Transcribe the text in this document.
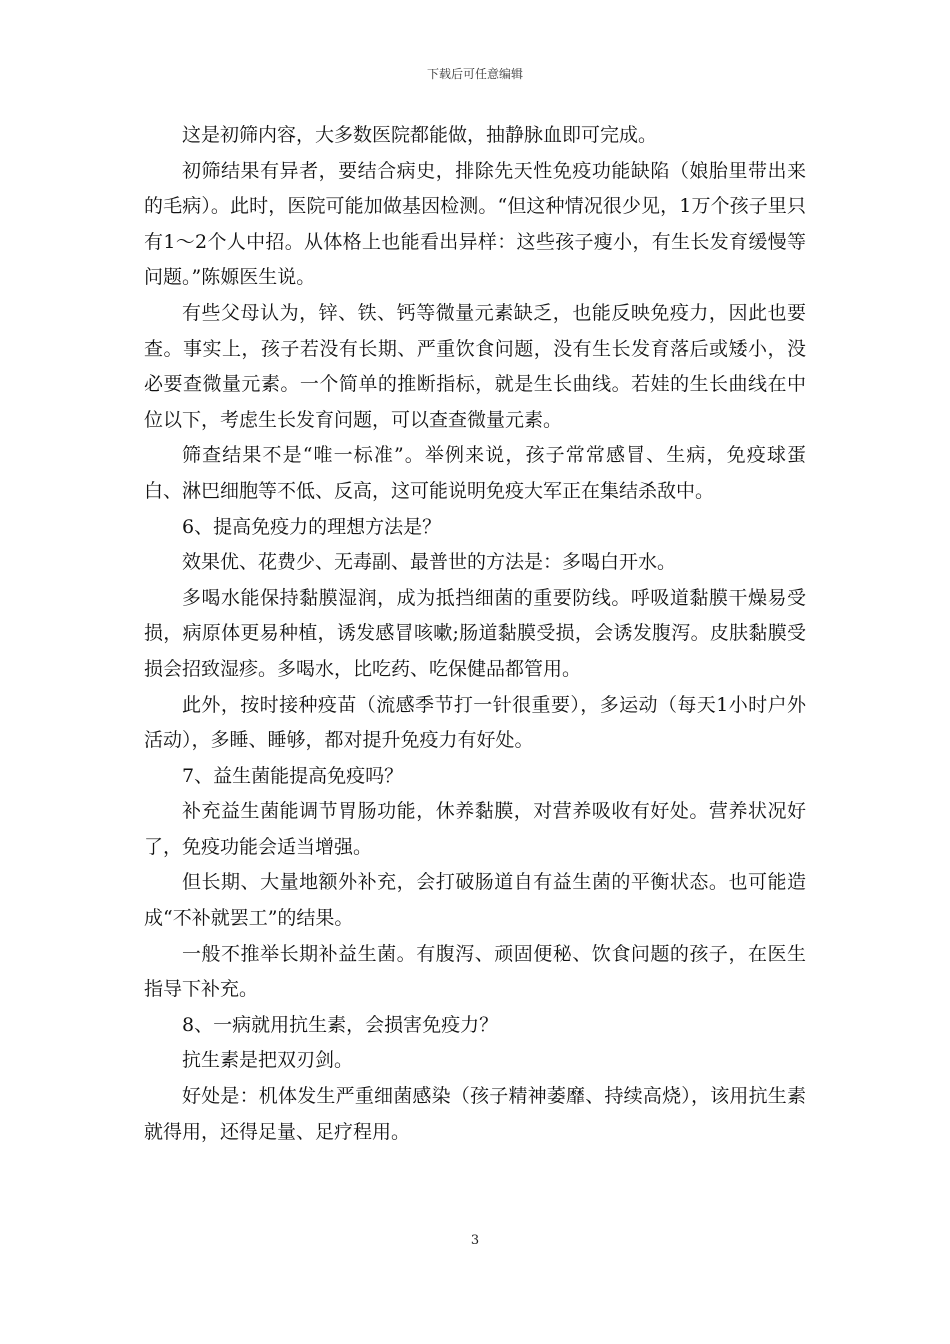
下载后可任意编辑

这是初筛内容，大多数医院都能做，抽静脉血即可完成。

初筛结果有异者，要结合病史，排除先天性免疫功能缺陷（娘胎里带出来的毛病）。此时，医院可能加做基因检测。“但这种情况很少见，1万个孩子里只有1～2个人中招。从体格上也能看出异样：这些孩子瘦小，有生长发育缓慢等问题。”陈嫄医生说。

有些父母认为，锌、铁、钙等微量元素缺乏，也能反映免疫力，因此也要查。事实上，孩子若没有长期、严重饮食问题，没有生长发育落后或矮小，没必要查微量元素。一个简单的推断指标，就是生长曲线。若娃的生长曲线在中位以下，考虑生长发育问题，可以查查微量元素。

筛查结果不是“唯一标准”。举例来说，孩子常常感冒、生病，免疫球蛋白、淋巴细胞等不低、反高，这可能说明免疫大军正在集结杀敌中。

6、提高免疫力的理想方法是？

效果优、花费少、无毒副、最普世的方法是：多喝白开水。

多喝水能保持黏膜湿润，成为抵挡细菌的重要防线。呼吸道黏膜干燥易受损，病原体更易种植，诱发感冒咳嗽;肠道黏膜受损，会诱发腹泻。皮肤黏膜受损会招致湿疹。多喝水，比吃药、吃保健品都管用。

此外，按时接种疫苗（流感季节打一针很重要），多运动（每天1小时户外活动），多睡、睡够，都对提升免疫力有好处。

7、益生菌能提高免疫吗？

补充益生菌能调节胃肠功能，休养黏膜，对营养吸收有好处。营养状况好了，免疫功能会适当增强。

但长期、大量地额外补充，会打破肠道自有益生菌的平衡状态。也可能造成“不补就罢工”的结果。

一般不推举长期补益生菌。有腹泻、顽固便秘、饮食问题的孩子，在医生指导下补充。

8、一病就用抗生素，会损害免疫力？

抗生素是把双刃剑。

好处是：机体发生严重细菌感染（孩子精神萎靡、持续高烧），该用抗生素就得用，还得足量、足疗程用。

3
